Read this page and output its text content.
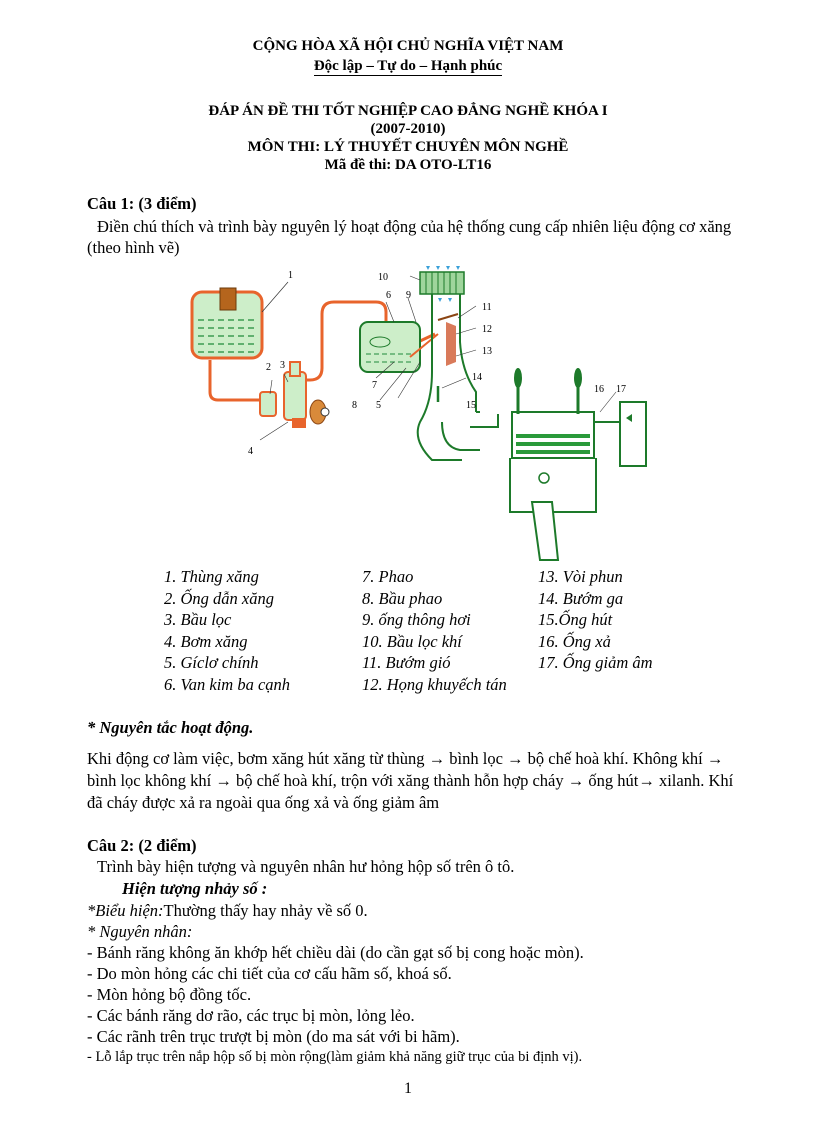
CỘNG HÒA XÃ HỘI CHỦ NGHĨA VIỆT NAM
Độc lập – Tự do – Hạnh phúc
ĐÁP ÁN ĐỀ THI TỐT NGHIỆP CAO ĐẲNG NGHỀ KHÓA I
(2007-2010)
MÔN THI: LÝ THUYẾT CHUYÊN MÔN NGHỀ
Mã đề thi: DA OTO-LT16
Câu 1: (3 điểm)
Điền chú thích và trình bày nguyên lý hoạt động của hệ thống cung cấp nhiên liệu động cơ xăng (theo hình vẽ)
1
2 3
4
5
6
7
8
9
10
11
12
13
14
15
16 17
1. Thùng xăng
2. Ống dẫn xăng
3. Bầu lọc
4. Bơm xăng
5. Gíclơ chính
6. Van kim ba cạnh
7. Phao
8. Bầu phao
9. ống thông hơi
10. Bầu lọc khí
11. Bướm gió
12. Họng khuyếch tán
13. Vòi phun
14. Bướm ga
15.Ống hút
16. Ống xả
17. Ống giảm âm
* Nguyên tắc hoạt động.
Khi động cơ làm việc, bơm xăng hút xăng từ thùng → bình lọc → bộ chế hoà khí. Không khí → bình lọc không khí → bộ chế hoà khí, trộn với xăng thành hỗn hợp cháy → ống hút→ xilanh. Khí đã cháy được xả ra ngoài qua ống xả và ống giảm âm
Câu 2: (2 điểm)
Trình bày hiện tượng và nguyên nhân hư hỏng hộp số trên ô tô.
Hiện tượng nhảy số :
*Biểu hiện:Thường thấy hay nhảy về số 0.
* Nguyên nhân:
- Bánh răng không ăn khớp hết chiều dài (do cần gạt số bị cong hoặc mòn).
- Do mòn hỏng các chi tiết của cơ cấu hãm số, khoá số.
- Mòn hỏng bộ đồng tốc.
- Các bánh răng dơ rão, các trục bị mòn, lỏng lẻo.
- Các rãnh trên trục trượt bị mòn (do ma sát với bi hãm).
- Lỗ lắp trục trên nắp hộp số bị mòn rộng(làm giảm khả năng giữ trục của bi định vị).
1
